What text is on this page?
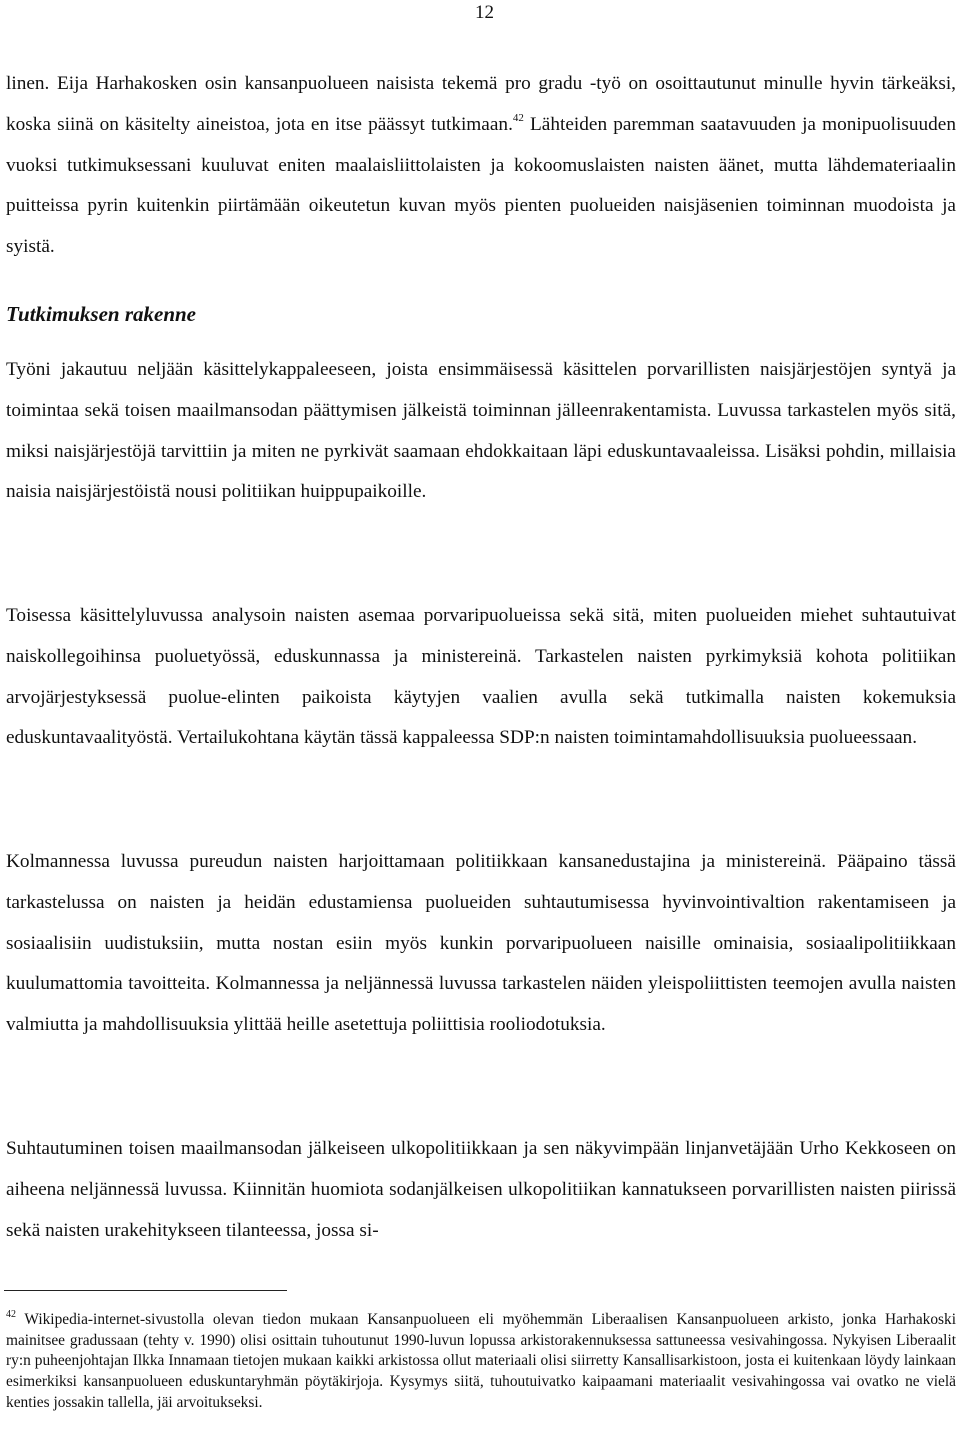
12

linen. Eija Harhakosken osin kansanpuolueen naisista tekemä pro gradu -työ on osoittautunut minulle hyvin tärkeäksi, koska siinä on käsitelty aineistoa, jota en itse päässyt tutkimaan.$^{42}$ Lähteiden paremman saatavuuden ja monipuolisuuden vuoksi tutkimuksessani kuuluvat eniten maalaisliittolaisten ja kokoomuslaisten naisten äänet, mutta lähdemateriaalin puitteissa pyrin kuitenkin piirtämään oikeutetun kuvan myös pienten puolueiden naisjäsenien toiminnan muodoista ja syistä.

Tutkimuksen rakenne

Työni jakautuu neljään käsittelykappaleeseen, joista ensimmäisessä käsittelen porvarillisten naisjärjestöjen syntyä ja toimintaa sekä toisen maailmansodan päättymisen jälkeistä toiminnan jälleenrakentamista. Luvussa tarkastelen myös sitä, miksi naisjärjestöjä tarvittiin ja miten ne pyrkivät saamaan ehdokkaitaan läpi eduskuntavaaleissa. Lisäksi pohdin, millaisia naisia naisjärjestöistä nousi politiikan huippupaikoille.

Toisessa käsittelyluvussa analysoin naisten asemaa porvaripuolueissa sekä sitä, miten puolueiden miehet suhtautuivat naiskollegoihinsa puoluetyössä, eduskunnassa ja ministereinä. Tarkastelen naisten pyrkimyksiä kohota politiikan arvojärjestyksessä puolue-elinten paikoista käytyjen vaalien avulla sekä tutkimalla naisten kokemuksia eduskuntavaalityöstä. Vertailukohtana käytän tässä kappaleessa SDP:n naisten toimintamahdollisuuksia puolueessaan.

Kolmannessa luvussa pureudun naisten harjoittamaan politiikkaan kansanedustajina ja ministereinä. Pääpaino tässä tarkastelussa on naisten ja heidän edustamiensa puolueiden suhtautumisessa hyvinvointivaltion rakentamiseen ja sosiaalisiin uudistuksiin, mutta nostan esiin myös kunkin porvaripuolueen naisille ominaisia, sosiaalipolitiikkaan kuulumattomia tavoitteita. Kolmannessa ja neljännessä luvussa tarkastelen näiden yleispoliittisten teemojen avulla naisten valmiutta ja mahdollisuuksia ylittää heille asetettuja poliittisia rooliodotuksia.

Suhtautuminen toisen maailmansodan jälkeiseen ulkopolitiikkaan ja sen näkyvimpään linjanvetäjään Urho Kekkoseen on aiheena neljännessä luvussa. Kiinnitän huomiota sodanjälkeisen ulkopolitiikan kannatukseen porvarillisten naisten piirissä sekä naisten urakehitykseen tilanteessa, jossa si-

$^{42}$ Wikipedia-internet-sivustolla olevan tiedon mukaan Kansanpuolueen eli myöhemmän Liberaalisen Kansanpuolueen arkisto, jonka Harhakoski mainitsee gradussaan (tehty v. 1990) olisi osittain tuhoutunut 1990-luvun lopussa arkistorakennuksessa sattuneessa vesivahingossa. Nykyisen Liberaalit ry:n puheenjohtajan Ilkka Innamaan tietojen mukaan kaikki arkistossa ollut materiaali olisi siirretty Kansallisarkistoon, josta ei kuitenkaan löydy lainkaan esimerkiksi kansanpuolueen eduskuntaryhmän pöytäkirjoja. Kysymys siitä, tuhoutuivatko kaipaamani materiaalit vesivahingossa vai ovatko ne vielä kenties jossakin tallella, jäi arvoitukseksi.
